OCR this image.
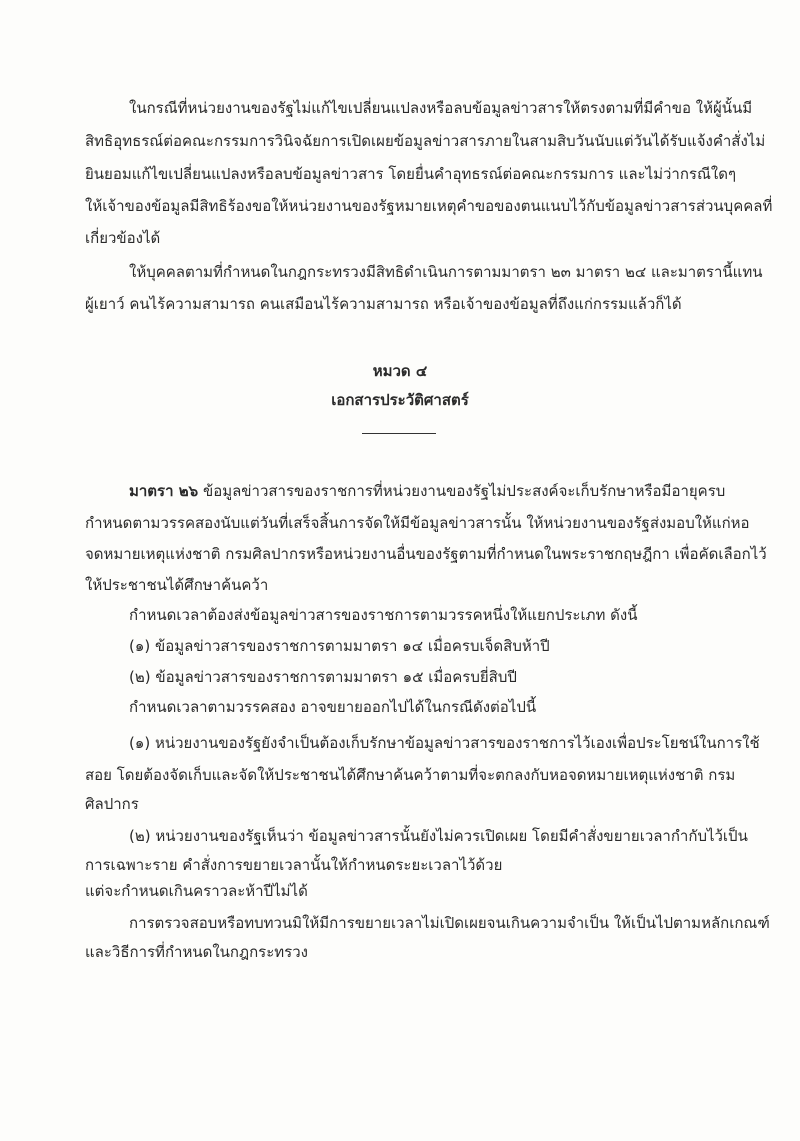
ในกรณีที่หน่วยงานของรัฐไม่แก้ไขเปลี่ยนแปลงหรือลบข้อมูลข่าวสารให้ตรงตามที่มีคำขอ ให้ผู้นั้นมี
สิทธิอุทธรณ์ต่อคณะกรรมการวินิจฉัยการเปิดเผยข้อมูลข่าวสารภายในสามสิบวันนับแต่วันได้รับแจ้งคำสั่งไม่
ยินยอมแก้ไขเปลี่ยนแปลงหรือลบข้อมูลข่าวสาร โดยยื่นคำอุทธรณ์ต่อคณะกรรมการ และไม่ว่ากรณีใดๆ
ให้เจ้าของข้อมูลมีสิทธิร้องขอให้หน่วยงานของรัฐหมายเหตุคำขอของตนแนบไว้กับข้อมูลข่าวสารส่วนบุคคลที่
เกี่ยวข้องได้
ให้บุคคลตามที่กำหนดในกฎกระทรวงมีสิทธิดำเนินการตามมาตรา ๒๓ มาตรา ๒๔ และมาตรานี้แทน
ผู้เยาว์ คนไร้ความสามารถ คนเสมือนไร้ความสามารถ หรือเจ้าของข้อมูลที่ถึงแก่กรรมแล้วก็ได้
หมวด ๔
เอกสารประวัติศาสตร์
มาตรา ๒๖ ข้อมูลข่าวสารของราชการที่หน่วยงานของรัฐไม่ประสงค์จะเก็บรักษาหรือมีอายุครบ
กำหนดตามวรรคสองนับแต่วันที่เสร็จสิ้นการจัดให้มีข้อมูลข่าวสารนั้น ให้หน่วยงานของรัฐส่งมอบให้แก่หอ
จดหมายเหตุแห่งชาติ กรมศิลปากรหรือหน่วยงานอื่นของรัฐตามที่กำหนดในพระราชกฤษฎีกา เพื่อคัดเลือกไว้
ให้ประชาชนได้ศึกษาค้นคว้า
กำหนดเวลาต้องส่งข้อมูลข่าวสารของราชการตามวรรคหนึ่งให้แยกประเภท ดังนี้
(๑) ข้อมูลข่าวสารของราชการตามมาตรา ๑๔ เมื่อครบเจ็ดสิบห้าปี
(๒) ข้อมูลข่าวสารของราชการตามมาตรา ๑๕ เมื่อครบยี่สิบปี
กำหนดเวลาตามวรรคสอง อาจขยายออกไปได้ในกรณีดังต่อไปนี้
(๑) หน่วยงานของรัฐยังจำเป็นต้องเก็บรักษาข้อมูลข่าวสารของราชการไว้เองเพื่อประโยชน์ในการใช้
สอย โดยต้องจัดเก็บและจัดให้ประชาชนได้ศึกษาค้นคว้าตามที่จะตกลงกับหอจดหมายเหตุแห่งชาติ กรม
ศิลปากร
(๒) หน่วยงานของรัฐเห็นว่า ข้อมูลข่าวสารนั้นยังไม่ควรเปิดเผย โดยมีคำสั่งขยายเวลากำกับไว้เป็น
การเฉพาะราย คำสั่งการขยายเวลานั้นให้กำหนดระยะเวลาไว้ด้วย
แต่จะกำหนดเกินคราวละห้าปีไม่ได้
การตรวจสอบหรือทบทวนมิให้มีการขยายเวลาไม่เปิดเผยจนเกินความจำเป็น ให้เป็นไปตามหลักเกณฑ์
และวิธีการที่กำหนดในกฎกระทรวง
